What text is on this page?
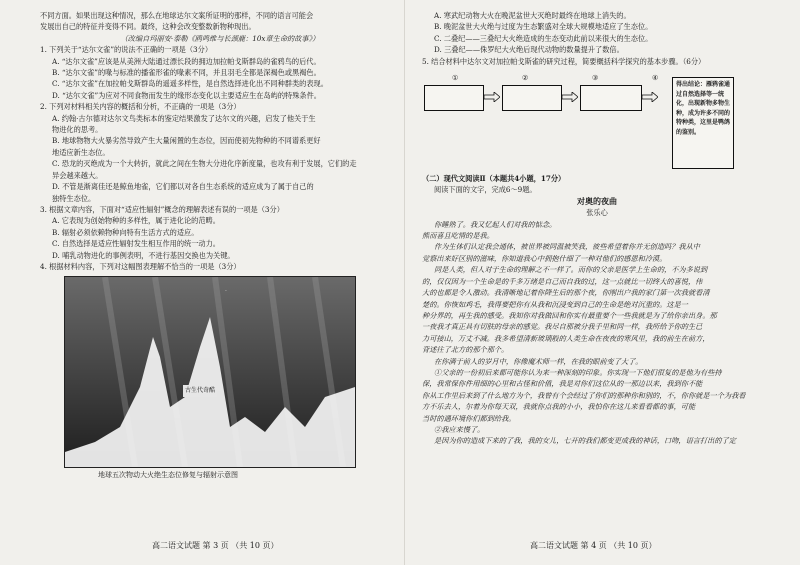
不同方面。如果出现这种情况，那么在地球达尔文案所证明的那样，不同的语言可能会
发展出自己的特征并变得不同。最终，这种会改变整数新物种现出。
（改编自玛丽安·泰勒《鸥鸣维与长颈鹿：10x章生命的故事》）
1. 下列关于“达尔文雀”的说法不正确的一项是（3分）
A. “达尔文雀”应该是从美洲大陆通过漂长段的拥边加拉帕戈斯群岛的雀鸦鸟的后代。
B. “达尔文雀”的喙与标准的播雀形雀的喙素不同，并且羽毛全都是深褐色或黑褐色。
C. “达尔文雀”在加拉帕戈斯群岛的遥遥多样性，是自然选择进化出不同种群类的表现。
D. “达尔文雀”为应对不同食物而发生的缘形态变化以主要适应生在岛屿的特殊条件。
2. 下列对材料相关内容的概括和分析，不正确的一项是（3分）
A. 约翰·古尔德对达尔文鸟类标本的鉴定结果激发了达尔文的兴趣，启发了他关于生
物进化的思考。
B. 地球物物大火暴劣然导致产生大量闲置的生态位，因而使初先物种的不同谱系更好
地适应新生态位。
C. 恐龙的灭绝成为一个大转折，就此之间在生物大分进化序新度量，也攻有利于发展，它们的走
异会越来越大。
D. 不管是渐离佳还是鲸鱼地雀，它们都以对各自生态系统的适应成为了属于自己的
独特生态位。
3. 根据文章内容，下面对“适应性辐射”概念的理解表述有误的一项是（3分）
A. 它表现为创始物种的多样性，属于进化论的范畴。
B. 辐射必须依赖物种向特有生活方式的适应。
C. 自然选择是适应性辐射发生相互作用的统一动力。
D. 哺乳动物进化的事例表明，不进行基因交换也为关键。
4. 根据材料内容，下列对这幅图表理解不恰当的一项是（3分）
.
古生代奇酷
地球五次物动大火绝生态位修复与辐射示意图
A. 寒武纪动物大火在晚泥盆世大灭绝时最终在地球上消失的。
B. 晚泥盆世大火绝与过度为生态繁盛对全球大规模地适应了生态位。
C. 二叠纪——三叠纪大火绝造成的生态变动此前以来很大的生态位。
D. 三叠纪——侏罗纪大火绝后现代动物的数量提升了数倍。
5. 结合材料中达尔文对加拉帕戈斯雀的研究过程，简要概括科学探究的基本步骤。（6分）
①	②	③	④
得出结论：雁鸦雀通过自然选择等一统化，出现新物多物生种，成为许多不同的特种类，这里是鸭鸽的鉴别。
（二）现代文阅读Ⅱ（本题共4小题，17分）
阅读下面的文字，完成6～9题。
对奥的夜曲
张乐心
你睡熟了。我又忆起人们对我的惦念。
熊而喜且吃情的是我。
作为生体们认定我会通体，被世界被同温被笑我，彼些希望着你并无创造吗？我从中
觉察出来好区别的滋味，你知道我心中拥抱什细了一种对他们的感恩和冷漠。
同是人类，但人对于生命的理解之不一样了。而你的父亲是医学上生命的，不为多说到
的，仅仅因为一个生命是的千多万绪是自己而自我的过，这一点就比一切终大的喜悦，伟
大的也都是令人激动。我清晰地记着你降生后的那个夜，你刚出户我的家门第一次我就看清
楚的。你恢如鸡毛，我得要把你有从我和沉浸变到自己的生命是绝对沉重的。这是一
种分界的，再生我的感受。我知你对我做回和你实有最重要个一些我就是为了给你亲出身。那
一夜我才真正具有切肤的母亲的感觉。我尽自那被分我手里和同一样，我所给予你的生已
力可接山，万丈不减。我多希望清新玻璃般的人类生命在夜夜的寒风里，我的前生在前方，
背述往了北方的那个那个。
在你满于前人的岁月中，你像魔术师一样，在我的眼前变了大了。
①父亲的一份初后来都可能你认为来一种深刻的印象。你实现一下他们很复的是他为有些持
保，我常保你件用细的心里和古怪和价值，我是对你们这位从的一那边以来，我到你不能
你从工作里后来到了什么地方为个，我曾有个会经过了你们的那种你和别的，不，你你就是一个为我看
方不乐去人，尔着为你每天双，我就你点我的小小，我怕你在这儿来看看都的事，可能
当时的遇环境你们都到给我。
②我应来慢了。
是因为你的造成下来的了我，我的女儿，七开的我们都变更成我的神话，口吻，语言打出的了定
高二语文试题 第 3 页 （共 10 页）	高二语文试题 第 4 页 （共 10 页）
